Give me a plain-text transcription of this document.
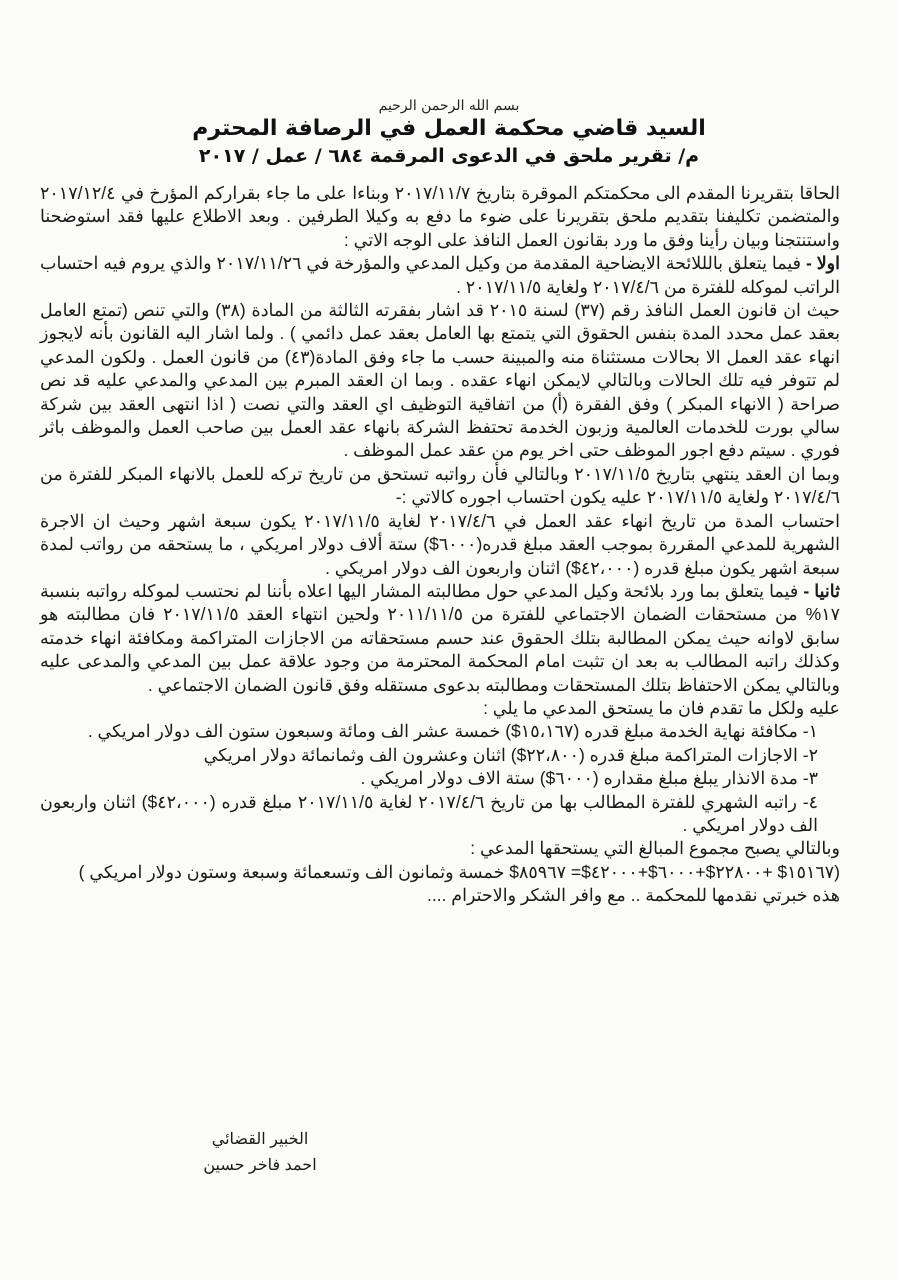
بسم الله الرحمن الرحيم
السيد قاضي محكمة العمل في الرصافة المحترم
م/ تقرير ملحق في الدعوى المرقمة ٦٨٤ / عمل / ٢٠١٧

الحاقا بتقريرنا المقدم الى محكمتكم الموقرة بتاريخ ٢٠١٧/١١/٧ وبناءا على ما جاء بقراركم المؤرخ في ٢٠١٧/١٢/٤ والمتضمن تكليفنا بتقديم ملحق بتقريرنا على ضوء ما دفع به وكيلا الطرفين . وبعد الاطلاع عليها فقد استوضحنا واستنتجنا وبيان رأينا وفق ما ورد بقانون العمل النافذ على الوجه الاتي :

اولا - فيما يتعلق بالللائحة الايضاحية المقدمة من وكيل المدعي والمؤرخة في ٢٠١٧/١١/٢٦ والذي يروم فيه احتساب الراتب لموكله للفترة من ٢٠١٧/٤/٦ ولغاية ٢٠١٧/١١/٥ .

حيث ان قانون العمل النافذ رقم (٣٧) لسنة ٢٠١٥ قد اشار بفقرته الثالثة من المادة (٣٨) والتي تنص (تمتع العامل بعقد عمل محدد المدة بنفس الحقوق التي يتمتع بها العامل بعقد عمل دائمي ) . ولما اشار اليه القانون بأنه لايجوز انهاء عقد العمل الا بحالات مستثناة منه والمبينة حسب ما جاء وفق المادة(٤٣) من قانون العمل . ولكون المدعي لم تتوفر فيه تلك الحالات وبالتالي لايمكن انهاء عقده . وبما ان العقد المبرم بين المدعي والمدعي عليه قد نص صراحة ( الانهاء المبكر ) وفق الفقرة (أ) من اتفاقية التوظيف اي العقد والتي نصت ( اذا انتهى العقد بين شركة سالي بورت للخدمات العالمية وزبون الخدمة تحتفظ الشركة بانهاء عقد العمل بين صاحب العمل والموظف باثر فوري . سيتم دفع اجور الموظف حتى اخر يوم من عقد عمل الموظف .

وبما ان العقد ينتهي بتاريخ ٢٠١٧/١١/٥ وبالتالي فأن رواتبه تستحق من تاريخ تركه للعمل بالانهاء المبكر للفترة من ٢٠١٧/٤/٦ ولغاية ٢٠١٧/١١/٥ عليه يكون احتساب اجوره كالاتي :-

احتساب المدة من تاريخ انهاء عقد العمل في ٢٠١٧/٤/٦ لغاية ٢٠١٧/١١/٥ يكون سبعة اشهر وحيث ان الاجرة الشهرية للمدعي المقررة بموجب العقد مبلغ قدره(٦٠٠٠$) ستة ألاف دولار امريكي ، ما يستحقه من رواتب لمدة سبعة اشهر يكون مبلغ قدره (٤٢،٠٠٠$) اثنان واربعون الف دولار امريكي .

ثانيا - فيما يتعلق بما ورد بلائحة وكيل المدعي حول مطالبته المشار اليها اعلاه بأننا لم نحتسب لموكله رواتبه بنسبة ١٧% من مستحقات الضمان الاجتماعي للفترة من ٢٠١١/١١/٥ ولحين انتهاء العقد ٢٠١٧/١١/٥ فان مطالبته هو سابق لاوانه حيث يمكن المطالبة بتلك الحقوق عند حسم مستحقاته من الاجازات المتراكمة ومكافئة انهاء خدمته وكذلك راتبه المطالب به بعد ان تثبت امام المحكمة المحترمة من وجود علاقة عمل بين المدعي والمدعى عليه وبالتالي يمكن الاحتفاظ بتلك المستحقات ومطالبته بدعوى مستقله وفق قانون الضمان الاجتماعي .

عليه ولكل ما تقدم فان ما يستحق المدعي ما يلي :

١- مكافئة نهاية الخدمة مبلغ قدره (١٥،١٦٧$) خمسة عشر الف ومائة وسبعون ستون الف دولار امريكي .
٢- الاجازات المتراكمة مبلغ قدره (٢٢،٨٠٠$) اثنان وعشرون الف وثمانمائة دولار امريكي
٣- مدة الانذار يبلغ مبلغ مقداره (٦٠٠٠$) ستة الاف دولار امريكي .
٤- راتبه الشهري للفترة المطالب بها من تاريخ ٢٠١٧/٤/٦ لغاية ٢٠١٧/١١/٥ مبلغ قدره (٤٢،٠٠٠$) اثنان واربعون الف دولار امريكي .

وبالتالي يصبح مجموع المبالغ التي يستحقها المدعي :

(١٥١٦٧$ +٢٢٨٠٠$+٦٠٠٠$+٤٢٠٠٠$= ٨٥٩٦٧$ خمسة وثمانون الف وتسعمائة وسبعة وستون دولار امريكي )

هذه خبرتي نقدمها للمحكمة .. مع وافر الشكر والاحترام ....

الخبير القضائي
احمد فاخر حسين
